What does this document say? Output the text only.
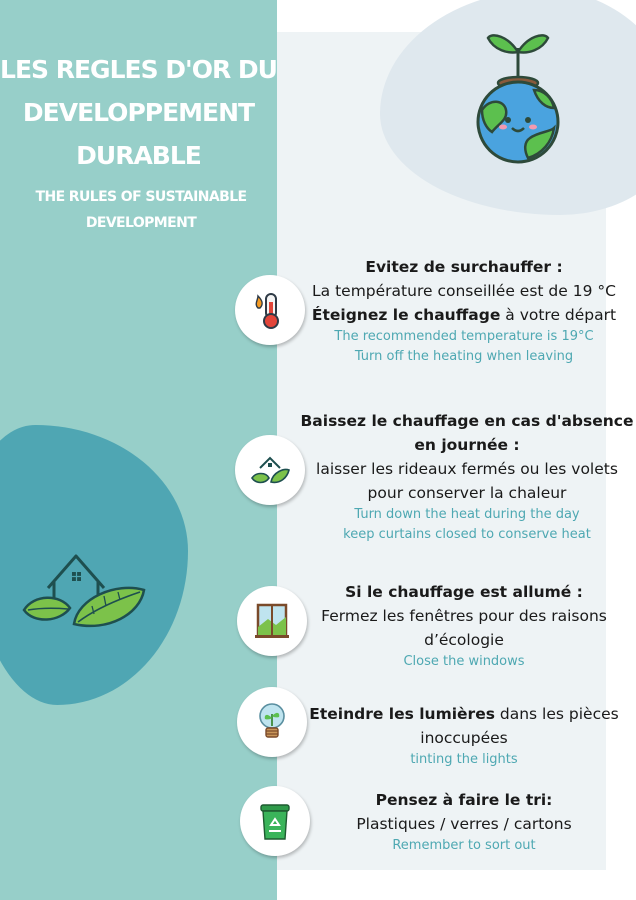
LES REGLES D'OR DU
DEVELOPPEMENT
DURABLE

THE RULES OF SUSTAINABLE
DEVELOPMENT

Evitez de surchauffer :
La température conseillée est de 19 °C
Éteignez le chauffage à votre départ
The recommended temperature is 19°C
Turn off the heating when leaving
Baissez le chauffage en cas d'absence
en journée :
laisser les rideaux fermés ou les volets
pour conserver la chaleur
Turn down the heat during the day
keep curtains closed to conserve heat
Si le chauffage est allumé :
Fermez les fenêtres pour des raisons
d’écologie
Close the windows
Eteindre les lumières dans les pièces
inoccupées
tinting the lights
Pensez à faire le tri:
Plastiques / verres / cartons
Remember to sort out
